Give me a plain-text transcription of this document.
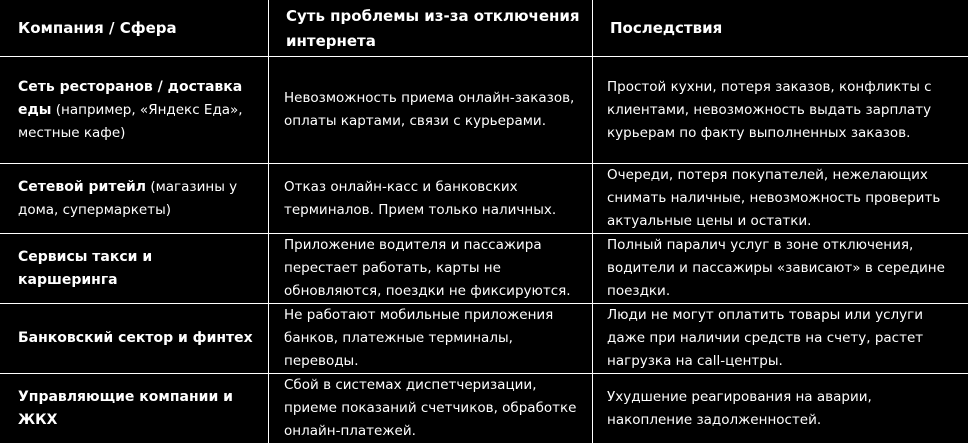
Компания / Сфера	Суть проблемы из-за отключения интернета	Последствия
Сеть ресторанов / доставка еды (например, «Яндекс Еда», местные кафе)	Невозможность приема онлайн-заказов, оплаты картами, связи с курьерами.	Простой кухни, потеря заказов, конфликты с клиентами, невозможность выдать зарплату курьерам по факту выполненных заказов.
Сетевой ритейл (магазины у дома, супермаркеты)	Отказ онлайн-касс и банковских терминалов. Прием только наличных.	Очереди, потеря покупателей, нежелающих снимать наличные, невозможность проверить актуальные цены и остатки.
Сервисы такси и каршеринга	Приложение водителя и пассажира перестает работать, карты не обновляются, поездки не фиксируются.	Полный паралич услуг в зоне отключения, водители и пассажиры «зависают» в середине поездки.
Банковский сектор и финтех	Не работают мобильные приложения банков, платежные терминалы, переводы.	Люди не могут оплатить товары или услуги даже при наличии средств на счету, растет нагрузка на call-центры.
Управляющие компании и ЖКХ	Сбой в системах диспетчеризации, приеме показаний счетчиков, обработке онлайн-платежей.	Ухудшение реагирования на аварии, накопление задолженностей.
